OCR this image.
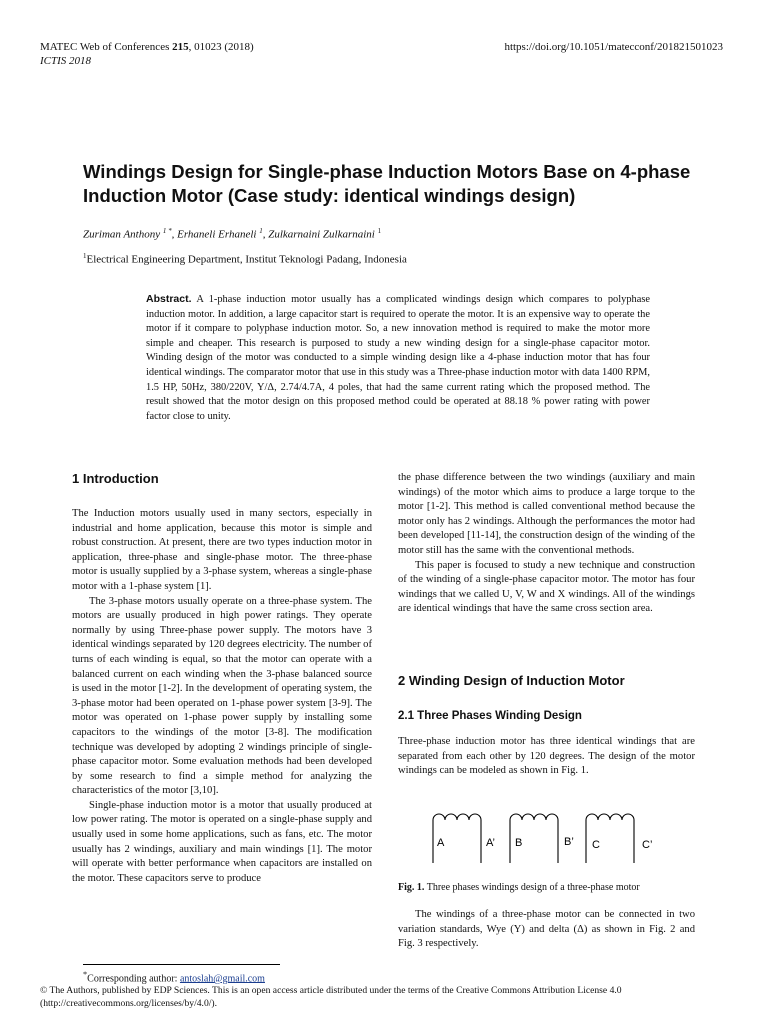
MATEC Web of Conferences 215, 01023 (2018)	https://doi.org/10.1051/matecconf/201821501023
ICTIS 2018
Windings Design for Single-phase Induction Motors Base on 4-phase Induction Motor (Case study: identical windings design)
Zuriman Anthony $^{1 *}$, Erhaneli Erhaneli $^1$, Zulkarnaini Zulkarnaini $^1$
$^1$Electrical Engineering Department, Institut Teknologi Padang, Indonesia
Abstract. A 1-phase induction motor usually has a complicated windings design which compares to polyphase induction motor. In addition, a large capacitor start is required to operate the motor. It is an expensive way to operate the motor if it compare to polyphase induction motor. So, a new innovation method is required to make the motor more simple and cheaper. This research is purposed to study a new winding design for a single-phase capacitor motor. Winding design of the motor was conducted to a simple winding design like a 4-phase induction motor that has four identical windings. The comparator motor that use in this study was a Three-phase induction motor with data 1400 RPM, 1.5 HP, 50Hz, 380/220V, Y/Δ, 2.74/4.7A, 4 poles, that had the same current rating which the proposed method. The result showed that the motor design on this proposed method could be operated at 88.18 % power rating with power factor close to unity.
1 Introduction

The Induction motors usually used in many sectors, especially in industrial and home application, because this motor is simple and robust construction. At present, there are two types induction motor in application, three-phase and single-phase motor. The three-phase motor is usually supplied by a 3-phase system, whereas a single-phase motor with a 1-phase system [1].

The 3-phase motors usually operate on a three-phase system. The motors are usually produced in high power ratings. They operate normally by using Three-phase power supply. The motors have 3 identical windings separated by 120 degrees electricity. The number of turns of each winding is equal, so that the motor can operate with a balanced current on each winding when the 3-phase balanced source is used in the motor [1-2]. In the development of operating system, the 3-phase motor had been operated on 1-phase power system [3-9]. The motor was operated on 1-phase power supply by installing some capacitors to the windings of the motor [3-8]. The modification technique was developed by adopting 2 windings principle of single-phase capacitor motor. Some evaluation methods had been developed by some research to find a simple method for analyzing the characteristics of the motor [3,10].

Single-phase induction motor is a motor that usually produced at low power rating. The motor is operated on a single-phase supply and usually used in some home applications, such as fans, etc. The motor usually has 2 windings, auxiliary and main windings [1]. The motor will operate with better performance when capacitors are installed on the motor. These capacitors serve to produce

the phase difference between the two windings (auxiliary and main windings) of the motor which aims to produce a large torque to the motor [1-2]. This method is called conventional method because the motor only has 2 windings. Although the performances the motor had been developed [11-14], the construction design of the winding of the motor still has the same with the conventional methods.

This paper is focused to study a new technique and construction of the winding of a single-phase capacitor motor. The motor has four windings that we called U, V, W and X windings. All of the windings are identical windings that have the same cross section area.

2 Winding Design of Induction Motor
2.1 Three Phases Winding Design

Three-phase induction motor has three identical windings that are separated from each other by 120 degrees. The design of the motor windings can be modeled as shown in Fig. 1.

A	A’ B	B’ C	C’
Fig. 1. Three phases windings design of a three-phase motor

The windings of a three-phase motor can be connected in two variation standards, Wye (Y) and delta (Δ) as shown in Fig. 2 and Fig. 3 respectively.

*Corresponding author: antoslah@gmail.com
© The Authors, published by EDP Sciences. This is an open access article distributed under the terms of the Creative Commons Attribution License 4.0
(http://creativecommons.org/licenses/by/4.0/).
